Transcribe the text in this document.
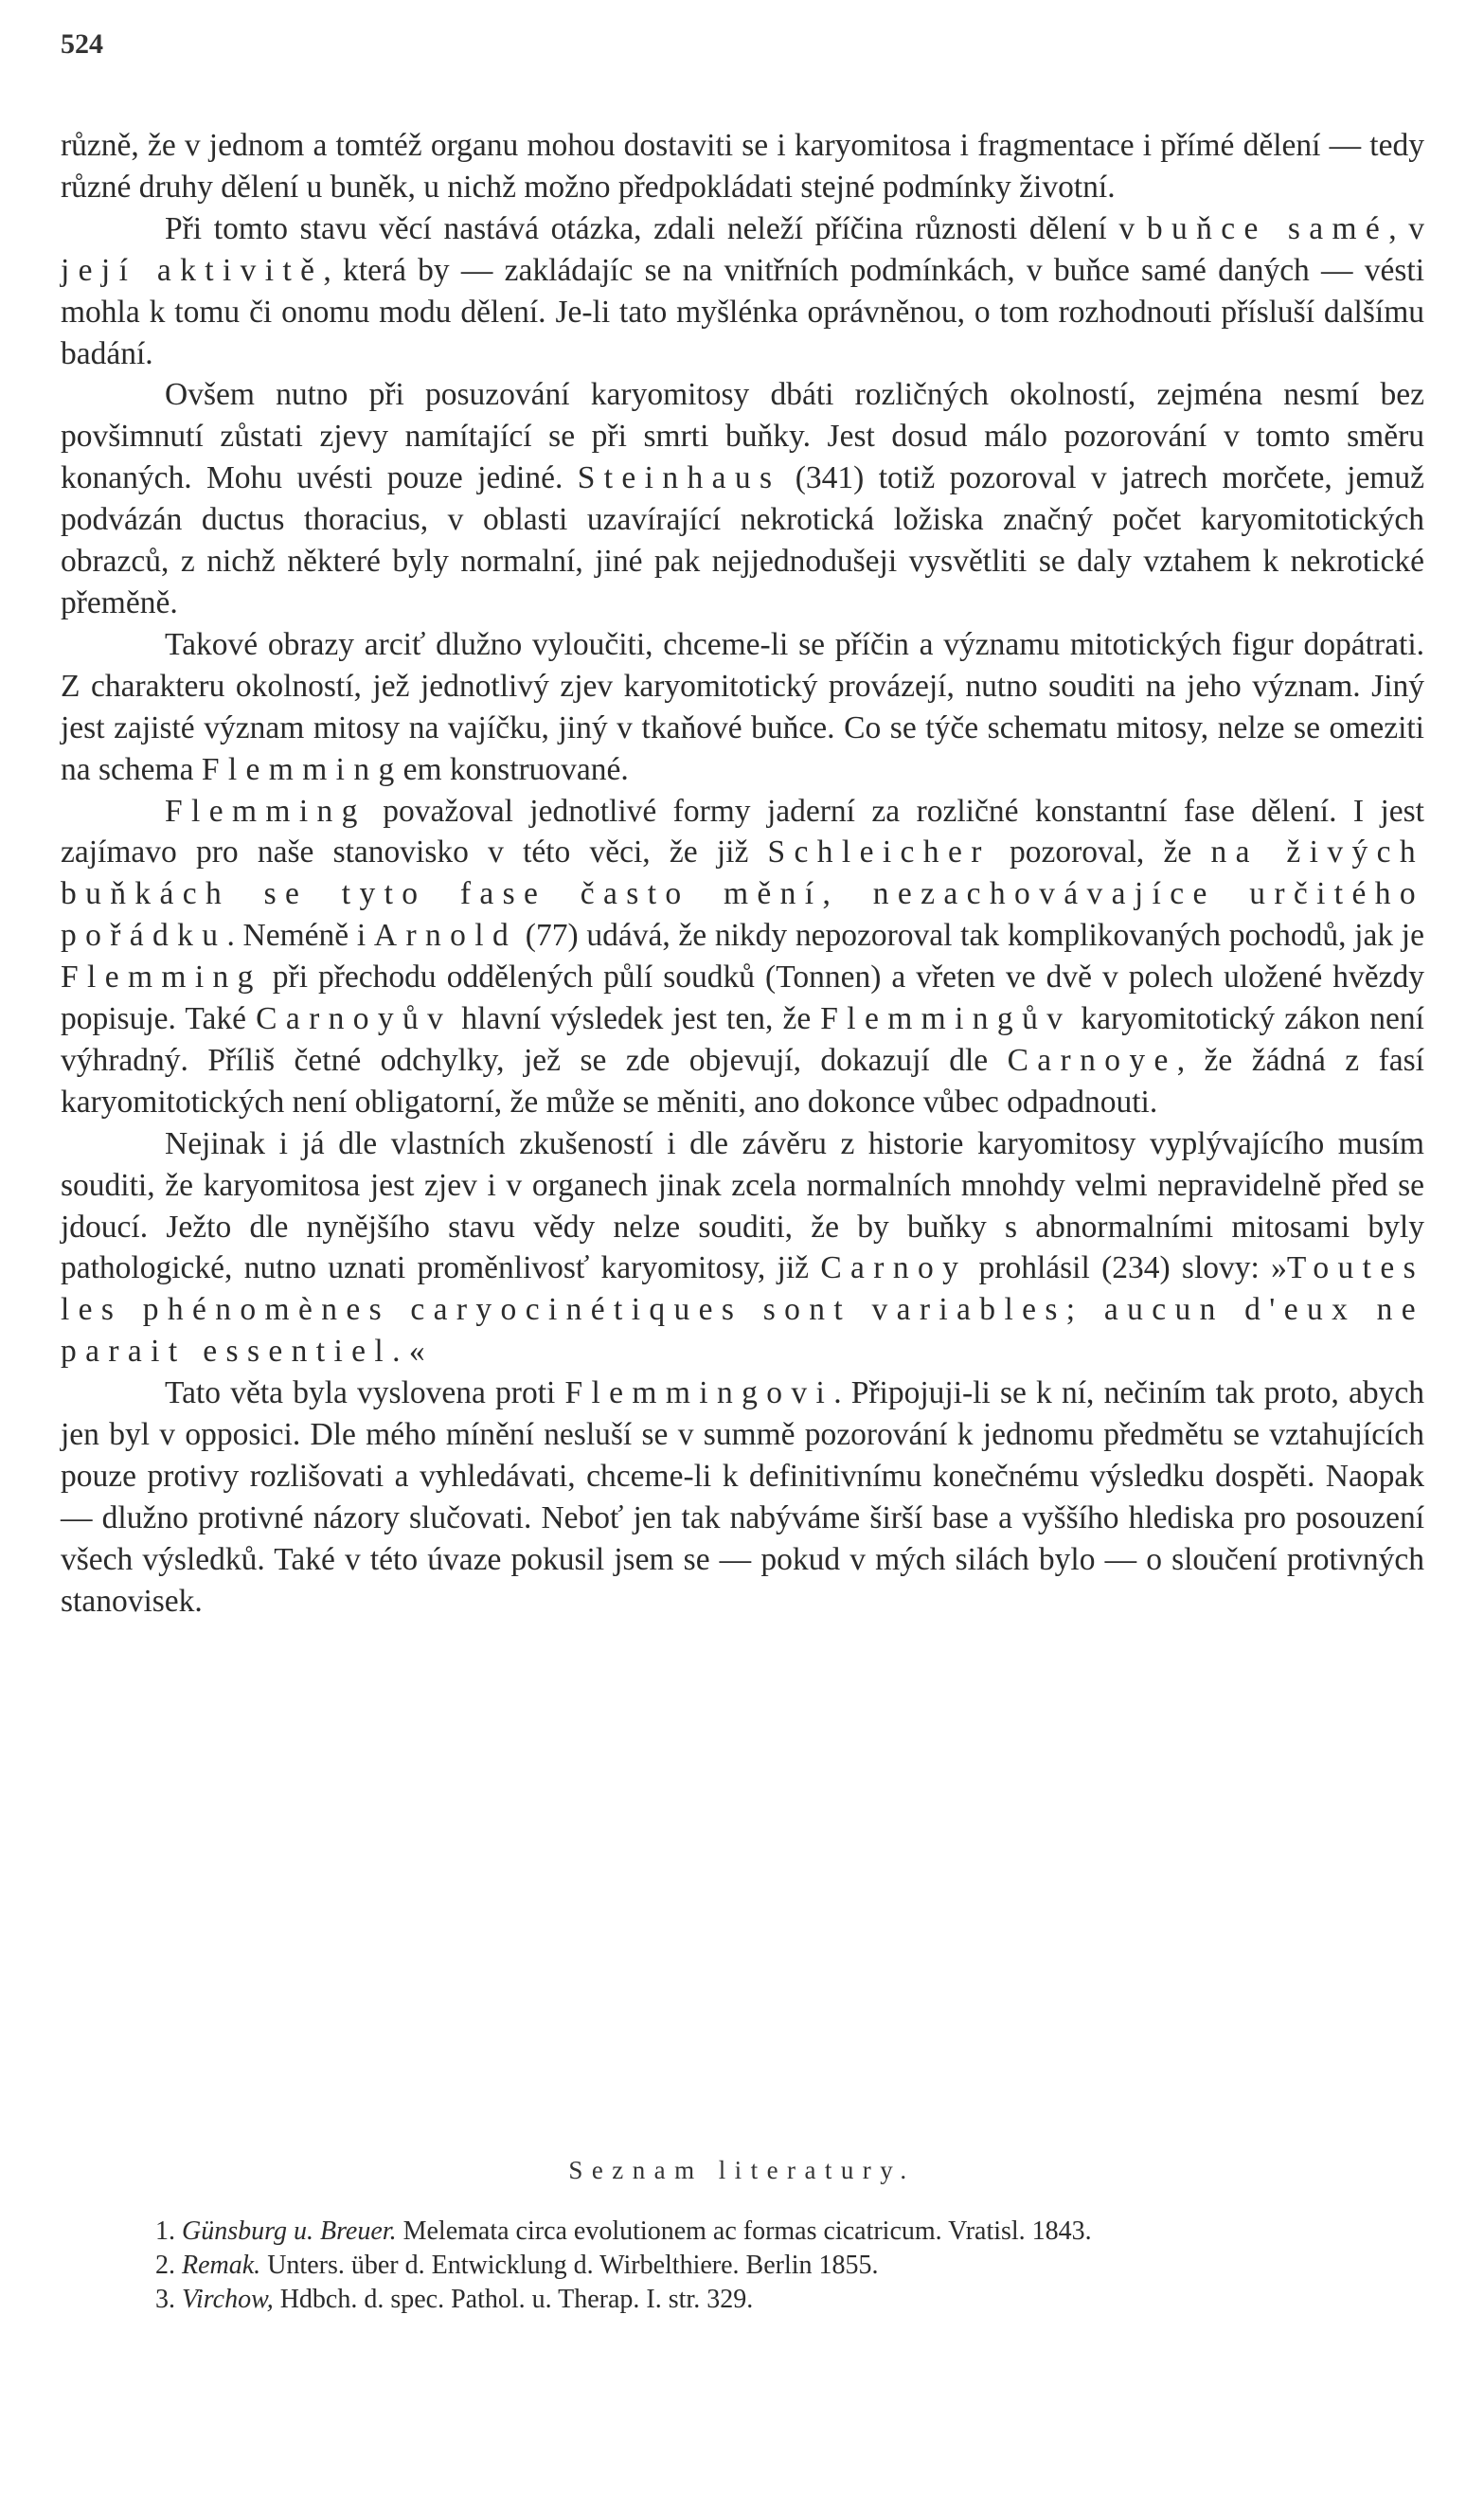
524

různě, že v jednom a tomtéž organu mohou dostaviti se i karyomitosa i fragmentace i přímé dělení — tedy různé druhy dělení u buněk, u nichž možno předpokládati stejné podmínky životní.

Při tomto stavu věcí nastává otázka, zdali neleží příčina různosti dělení v buňce samé, v její aktivitě, která by — zakládajíc se na vnitřních podmínkách, v buňce samé daných — vésti mohla k tomu či onomu modu dělení. Je-li tato myšlénka oprávněnou, o tom rozhodnouti přísluší dalšímu badání.

Ovšem nutno při posuzování karyomitosy dbáti rozličných okolností, zejména nesmí bez povšimnutí zůstati zjevy namítající se při smrti buňky. Jest dosud málo pozorování v tomto směru konaných. Mohu uvésti pouze jediné. Steinhaus (341) totiž pozoroval v jatrech morčete, jemuž podvázán ductus thoracius, v oblasti uzavírající nekrotická ložiska značný počet karyomitotických obrazců, z nichž některé byly normalní, jiné pak nejjednodušeji vysvětliti se daly vztahem k nekrotické přeměně.

Takové obrazy arciť dlužno vyloučiti, chceme-li se příčin a významu mitotických figur dopátrati. Z charakteru okolností, jež jednotlivý zjev karyomitotický provázejí, nutno souditi na jeho význam. Jiný jest zajisté význam mitosy na vajíčku, jiný v tkaňové buňce. Co se týče schematu mitosy, nelze se omeziti na schema Flemmingem konstruované.

Flemming považoval jednotlivé formy jaderní za rozličné konstantní fase dělení. I jest zajímavo pro naše stanovisko v této věci, že již Schleicher pozoroval, že na živých buňkách se tyto fase často mění, nezachovávajíce určitého pořádku. Neméně i Arnold (77) udává, že nikdy nepozoroval tak komplikovaných pochodů, jak je Flemming při přechodu oddělených půlí soudků (Tonnen) a vřeten ve dvě v polech uložené hvězdy popisuje. Také Carnoyův hlavní výsledek jest ten, že Flemmingův karyomitotický zákon není výhradný. Příliš četné odchylky, jež se zde objevují, dokazují dle Carnoye, že žádná z fasí karyomitotických není obligatorní, že může se měniti, ano dokonce vůbec odpadnouti.

Nejinak i já dle vlastních zkušeností i dle závěru z historie karyomitosy vyplývajícího musím souditi, že karyomitosa jest zjev i v organech jinak zcela normalních mnohdy velmi nepravidelně před se jdoucí. Ježto dle nynějšího stavu vědy nelze souditi, že by buňky s abnormalními mitosami byly pathologické, nutno uznati proměnlivosť karyomitosy, již Carnoy prohlásil (234) slovy: »Toutes les phénomènes caryocinétiques sont variables; aucun d'eux ne parait essentiel.«

Tato věta byla vyslovena proti Flemmingovi. Připojuji-li se k ní, nečiním tak proto, abych jen byl v opposici. Dle mého mínění nesluší se v summě pozorování k jednomu předmětu se vztahujících pouze protivy rozlišovati a vyhledávati, chceme-li k definitivnímu konečnému výsledku dospěti. Naopak — dlužno protivné názory slučovati. Neboť jen tak nabýváme širší base a vyššího hlediska pro posouzení všech výsledků. Také v této úvaze pokusil jsem se — pokud v mých silách bylo — o sloučení protivných stanovisek.

Seznam literatury.

1. Günsburg u. Breuer. Melemata circa evolutionem ac formas cicatricum. Vratisl. 1843.

2. Remak. Unters. über d. Entwicklung d. Wirbelthiere. Berlin 1855.

3. Virchow, Hdbch. d. spec. Pathol. u. Therap. I. str. 329.
